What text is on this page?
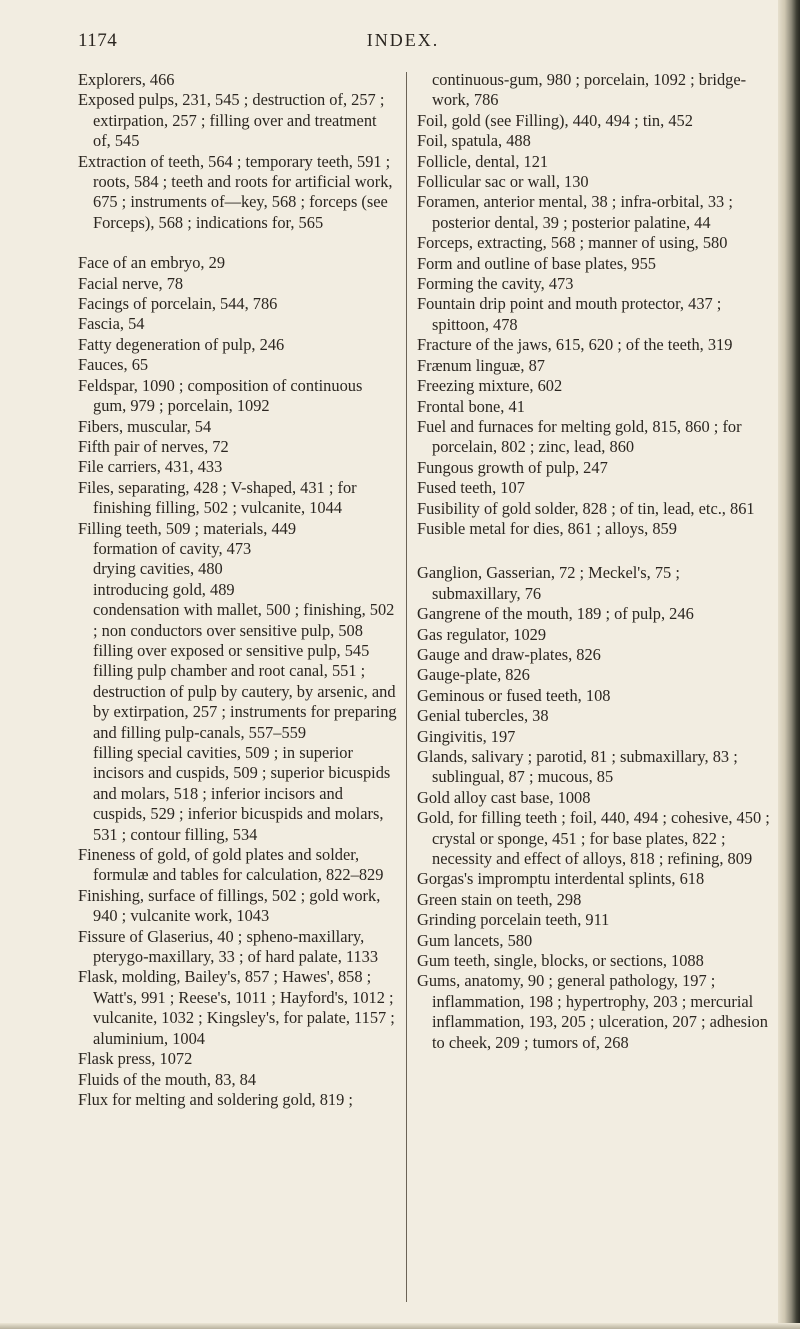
1174	INDEX.
Explorers, 466
Exposed pulps, 231, 545 ; destruction of, 257 ; extirpation, 257 ; filling over and treatment of, 545
Extraction of teeth, 564 ; temporary teeth, 591 ; roots, 584 ; teeth and roots for artificial work, 675 ; instruments of—key, 568 ; forceps (see Forceps), 568 ; indications for, 565
Face of an embryo, 29
Facial nerve, 78
Facings of porcelain, 544, 786
Fascia, 54
Fatty degeneration of pulp, 246
Fauces, 65
Feldspar, 1090 ; composition of continuous gum, 979 ; porcelain, 1092
Fibers, muscular, 54
Fifth pair of nerves, 72
File carriers, 431, 433
Files, separating, 428 ; V-shaped, 431 ; for finishing filling, 502 ; vulcanite, 1044
Filling teeth, 509 ; materials, 449
formation of cavity, 473
drying cavities, 480
introducing gold, 489
condensation with mallet, 500 ; finishing, 502 ; non conductors over sensitive pulp, 508
filling over exposed or sensitive pulp, 545
filling pulp chamber and root canal, 551 ; destruction of pulp by cautery, by arsenic, and by extirpation, 257 ; instruments for preparing and filling pulp-canals, 557–559
filling special cavities, 509 ; in superior incisors and cuspids, 509 ; superior bicuspids and molars, 518 ; inferior incisors and cuspids, 529 ; inferior bicuspids and molars, 531 ; contour filling, 534
Fineness of gold, of gold plates and solder, formulæ and tables for calculation, 822–829
Finishing, surface of fillings, 502 ; gold work, 940 ; vulcanite work, 1043
Fissure of Glaserius, 40 ; spheno-maxillary, pterygo-maxillary, 33 ; of hard palate, 1133
Flask, molding, Bailey's, 857 ; Hawes', 858 ; Watt's, 991 ; Reese's, 1011 ; Hayford's, 1012 ; vulcanite, 1032 ; Kingsley's, for palate, 1157 ; aluminium, 1004
Flask press, 1072
Fluids of the mouth, 83, 84
Flux for melting and soldering gold, 819 ;
continuous-gum, 980 ; porcelain, 1092 ; bridge-work, 786
Foil, gold (see Filling), 440, 494 ; tin, 452
Foil, spatula, 488
Follicle, dental, 121
Follicular sac or wall, 130
Foramen, anterior mental, 38 ; infra-orbital, 33 ; posterior dental, 39 ; posterior palatine, 44
Forceps, extracting, 568 ; manner of using, 580
Form and outline of base plates, 955
Forming the cavity, 473
Fountain drip point and mouth protector, 437 ; spittoon, 478
Fracture of the jaws, 615, 620 ; of the teeth, 319
Frænum linguæ, 87
Freezing mixture, 602
Frontal bone, 41
Fuel and furnaces for melting gold, 815, 860 ; for porcelain, 802 ; zinc, lead, 860
Fungous growth of pulp, 247
Fused teeth, 107
Fusibility of gold solder, 828 ; of tin, lead, etc., 861
Fusible metal for dies, 861 ; alloys, 859
Ganglion, Gasserian, 72 ; Meckel's, 75 ; submaxillary, 76
Gangrene of the mouth, 189 ; of pulp, 246
Gas regulator, 1029
Gauge and draw-plates, 826
Gauge-plate, 826
Geminous or fused teeth, 108
Genial tubercles, 38
Gingivitis, 197
Glands, salivary ; parotid, 81 ; submaxillary, 83 ; sublingual, 87 ; mucous, 85
Gold alloy cast base, 1008
Gold, for filling teeth ; foil, 440, 494 ; cohesive, 450 ; crystal or sponge, 451 ; for base plates, 822 ; necessity and effect of alloys, 818 ; refining, 809
Gorgas's impromptu interdental splints, 618
Green stain on teeth, 298
Grinding porcelain teeth, 911
Gum lancets, 580
Gum teeth, single, blocks, or sections, 1088
Gums, anatomy, 90 ; general pathology, 197 ; inflammation, 198 ; hypertrophy, 203 ; mercurial inflammation, 193, 205 ; ulceration, 207 ; adhesion to cheek, 209 ; tumors of, 268
